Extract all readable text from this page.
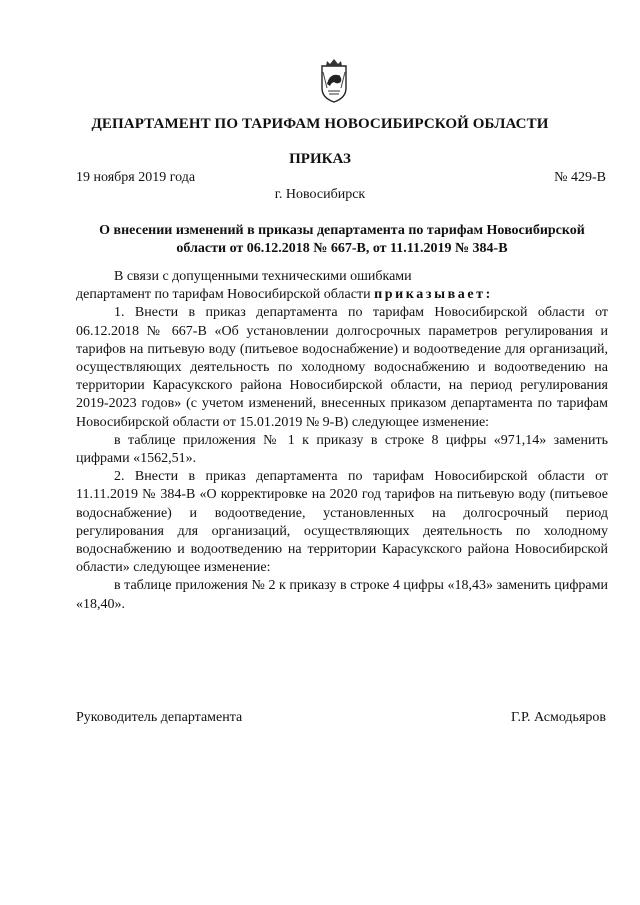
ДЕПАРТАМЕНТ ПО ТАРИФАМ НОВОСИБИРСКОЙ ОБЛАСТИ
ПРИКАЗ
19 ноября 2019 года	№ 429-В
г. Новосибирск
О внесении изменений в приказы департамента по тарифам Новосибирской области от 06.12.2018 № 667-В, от 11.11.2019 № 384-В

В связи с допущенными техническими ошибками

департамент по тарифам Новосибирской области приказывает:

1. Внести в приказ департамента по тарифам Новосибирской области от 06.12.2018 № 667-В «Об установлении долгосрочных параметров регулирования и тарифов на питьевую воду (питьевое водоснабжение) и водоотведение для организаций, осуществляющих деятельность по холодному водоснабжению и водоотведению на территории Карасукского района Новосибирской области, на период регулирования 2019-2023 годов» (с учетом изменений, внесенных приказом департамента по тарифам Новосибирской области от 15.01.2019 № 9-В) следующее изменение:

в таблице приложения № 1 к приказу в строке 8 цифры «971,14» заменить цифрами «1562,51».

2. Внести в приказ департамента по тарифам Новосибирской области от 11.11.2019 № 384-В «О корректировке на 2020 год тарифов на питьевую воду (питьевое водоснабжение) и водоотведение, установленных на долгосрочный период регулирования для организаций, осуществляющих деятельность по холодному водоснабжению и водоотведению на территории Карасукского района Новосибирской области» следующее изменение:

в таблице приложения № 2 к приказу в строке 4 цифры «18,43» заменить цифрами «18,40».

Руководитель департамента	Г.Р. Асмодьяров
